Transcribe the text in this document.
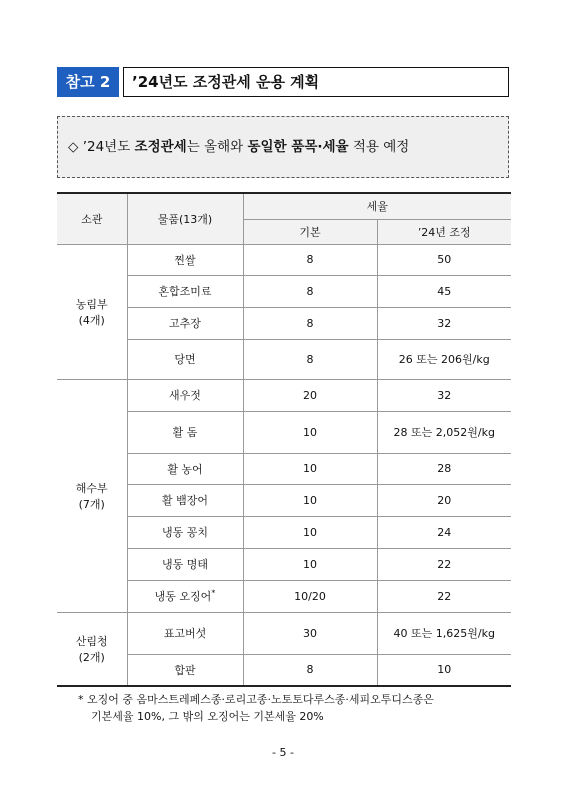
참고 2	’24년도 조정관세 운용 계획
◇ ’24년도 조정관세는 올해와 동일한 품목·세율 적용 예정
소관	물품(13개)	세율	
		기본	’24년 조정
농림부
(4개)	찐쌀	8	50
	혼합조미료	8	45
	고추장	8	32
	당면	8	26 또는 206원/kg
해수부
(7개)	새우젓	20	32
	활 돔	10	28 또는 2,052원/kg
	활 농어	10	28
	활 뱀장어	10	20
	냉동 꽁치	10	24
	냉동 명태	10	22
	냉동 오징어*	10/20	22
산림청
(2개)	표고버섯	30	40 또는 1,625원/kg
	합판	8	10
* 오징어 중 옴마스트레페스종·로리고종·노토토다루스종·세피오투디스종은
기본세율 10%, 그 밖의 오징어는 기본세율 20%
- 5 -
